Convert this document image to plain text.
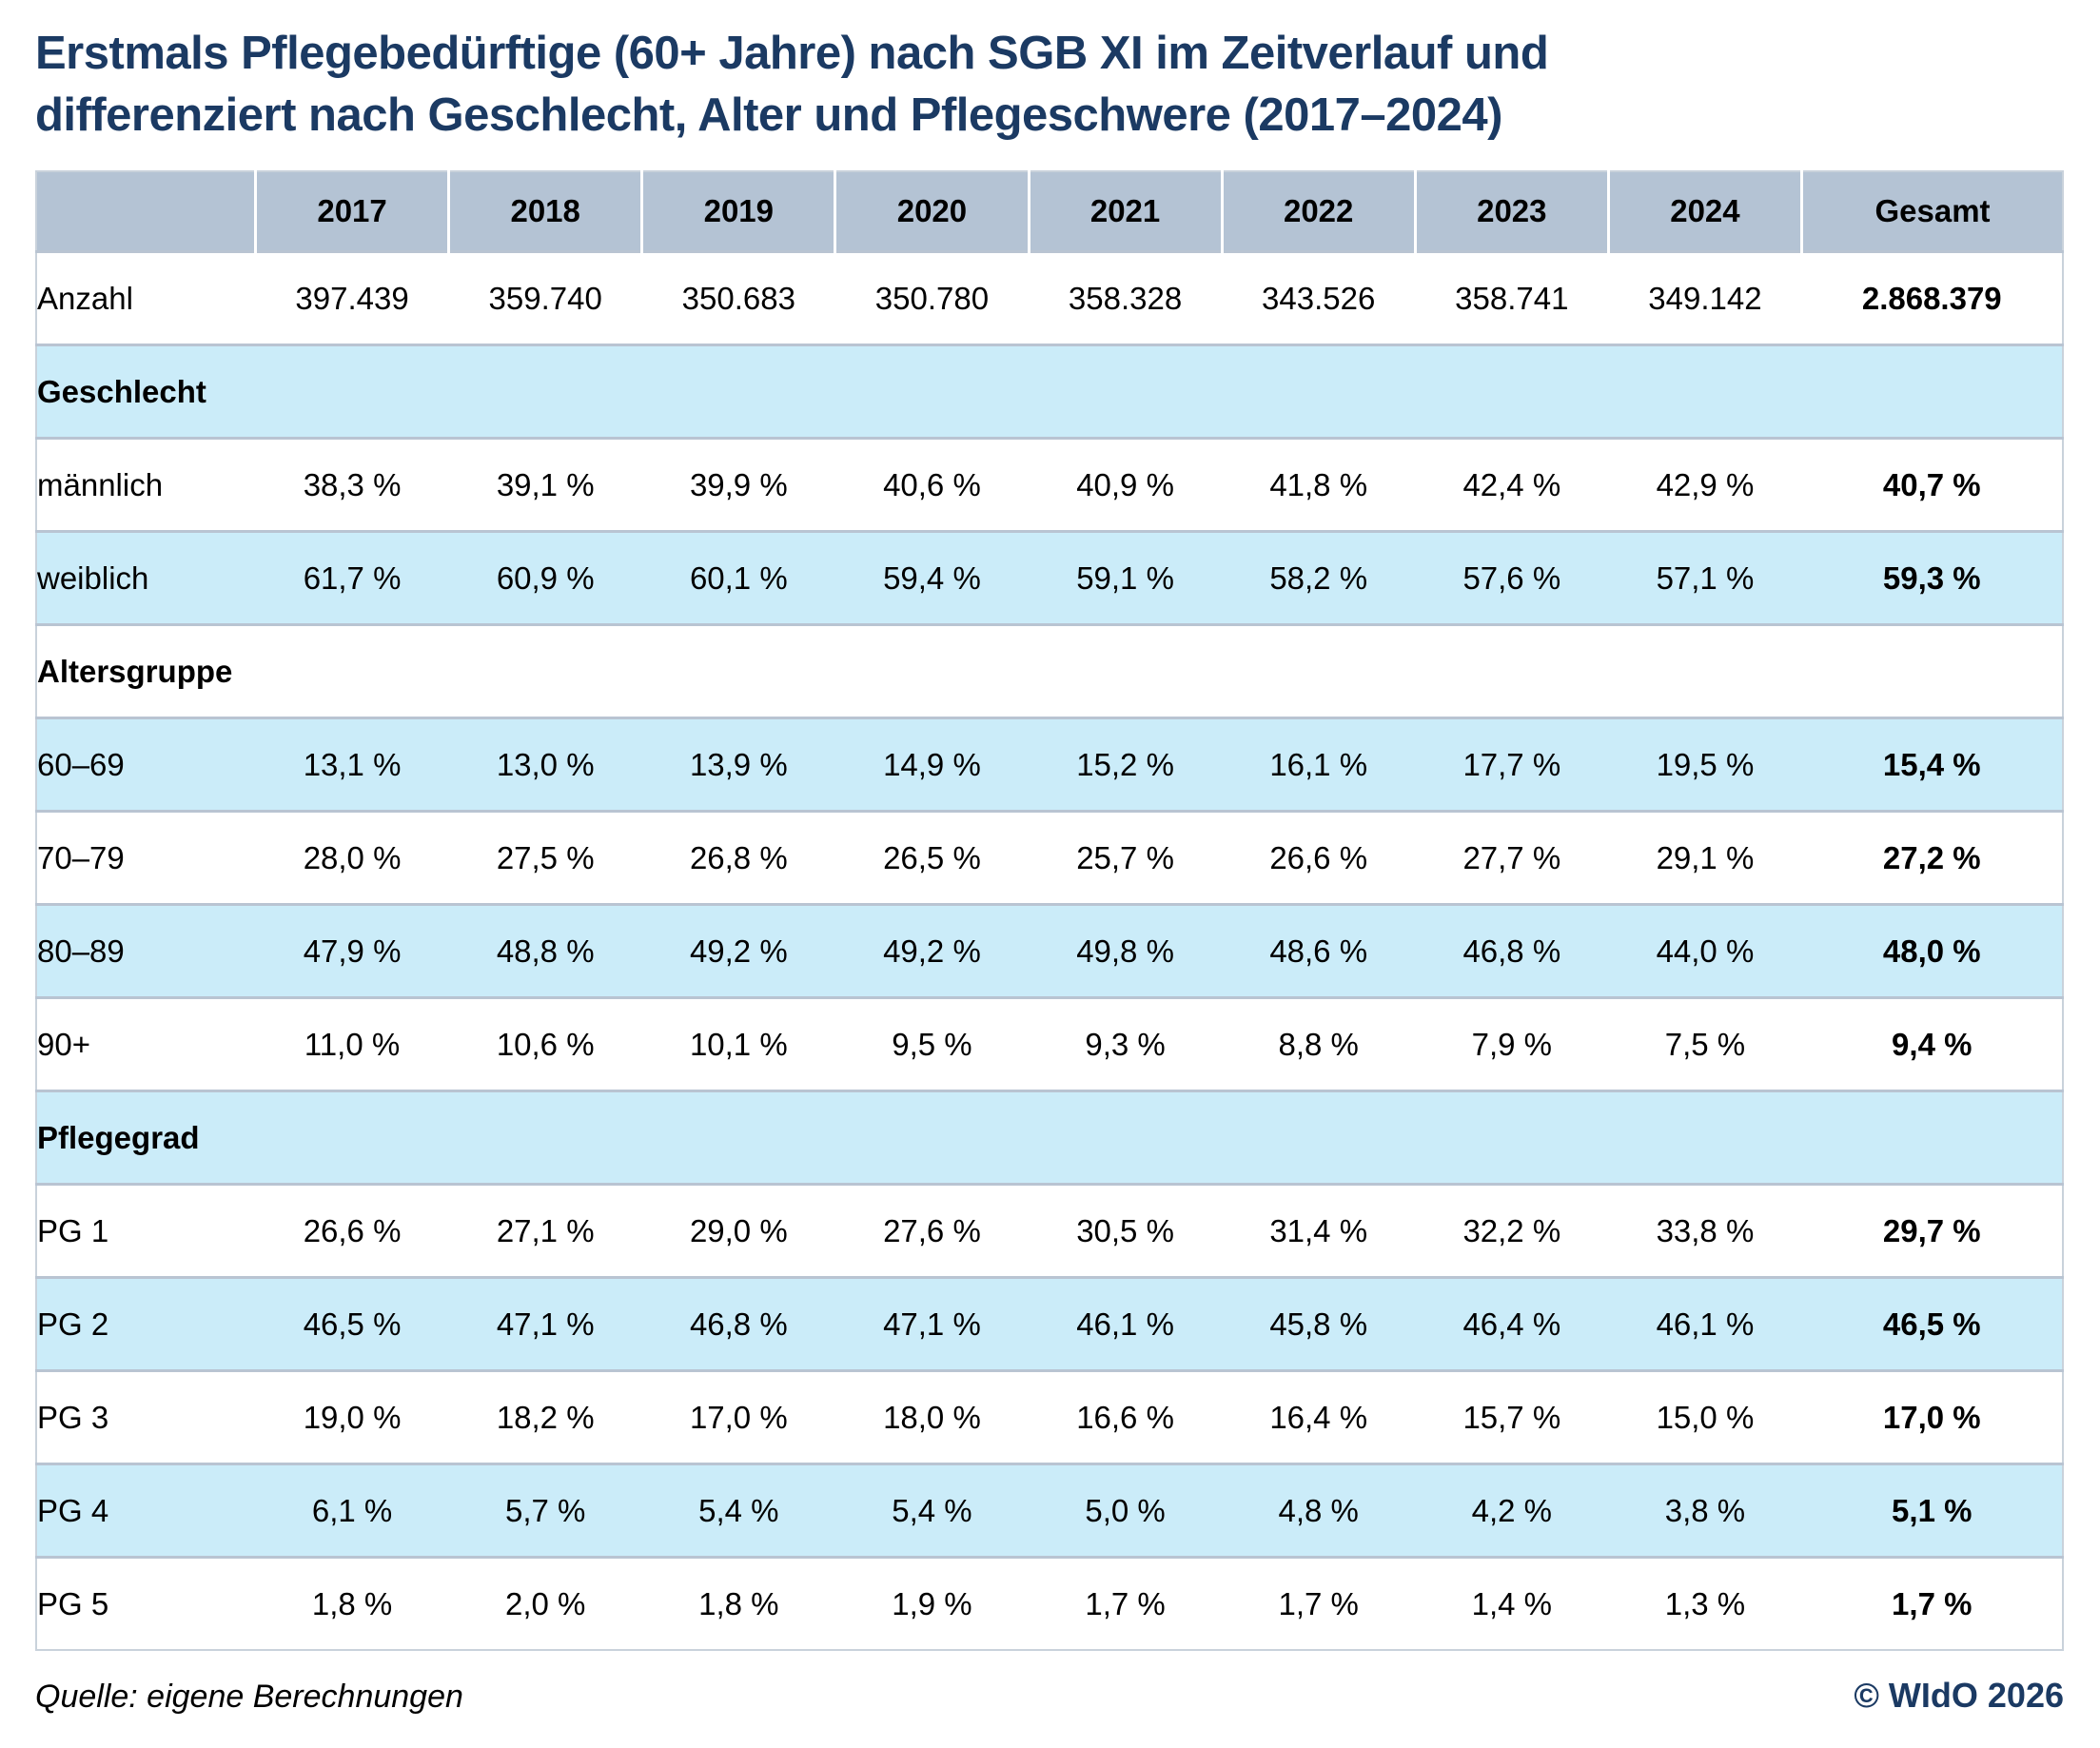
Erstmals Pflegebedürftige (60+ Jahre) nach SGB XI im Zeitverlauf und
differenziert nach Geschlecht, Alter und Pflegeschwere (2017–2024)
	2017	2018	2019	2020	2021	2022	2023	2024	Gesamt
Anzahl	397.439	359.740	350.683	350.780	358.328	343.526	358.741	349.142	2.868.379
Geschlecht									
männlich	38,3 %	39,1 %	39,9 %	40,6 %	40,9 %	41,8 %	42,4 %	42,9 %	40,7 %
weiblich	61,7 %	60,9 %	60,1 %	59,4 %	59,1 %	58,2 %	57,6 %	57,1 %	59,3 %
Altersgruppe									
60–69	13,1 %	13,0 %	13,9 %	14,9 %	15,2 %	16,1 %	17,7 %	19,5 %	15,4 %
70–79	28,0 %	27,5 %	26,8 %	26,5 %	25,7 %	26,6 %	27,7 %	29,1 %	27,2 %
80–89	47,9 %	48,8 %	49,2 %	49,2 %	49,8 %	48,6 %	46,8 %	44,0 %	48,0 %
90+	11,0 %	10,6 %	10,1 %	9,5 %	9,3 %	8,8 %	7,9 %	7,5 %	9,4 %
Pflegegrad									
PG 1	26,6 %	27,1 %	29,0 %	27,6 %	30,5 %	31,4 %	32,2 %	33,8 %	29,7 %
PG 2	46,5 %	47,1 %	46,8 %	47,1 %	46,1 %	45,8 %	46,4 %	46,1 %	46,5 %
PG 3	19,0 %	18,2 %	17,0 %	18,0 %	16,6 %	16,4 %	15,7 %	15,0 %	17,0 %
PG 4	6,1 %	5,7 %	5,4 %	5,4 %	5,0 %	4,8 %	4,2 %	3,8 %	5,1 %
PG 5	1,8 %	2,0 %	1,8 %	1,9 %	1,7 %	1,7 %	1,4 %	1,3 %	1,7 %
Quelle: eigene Berechnungen	© WIdO 2026
